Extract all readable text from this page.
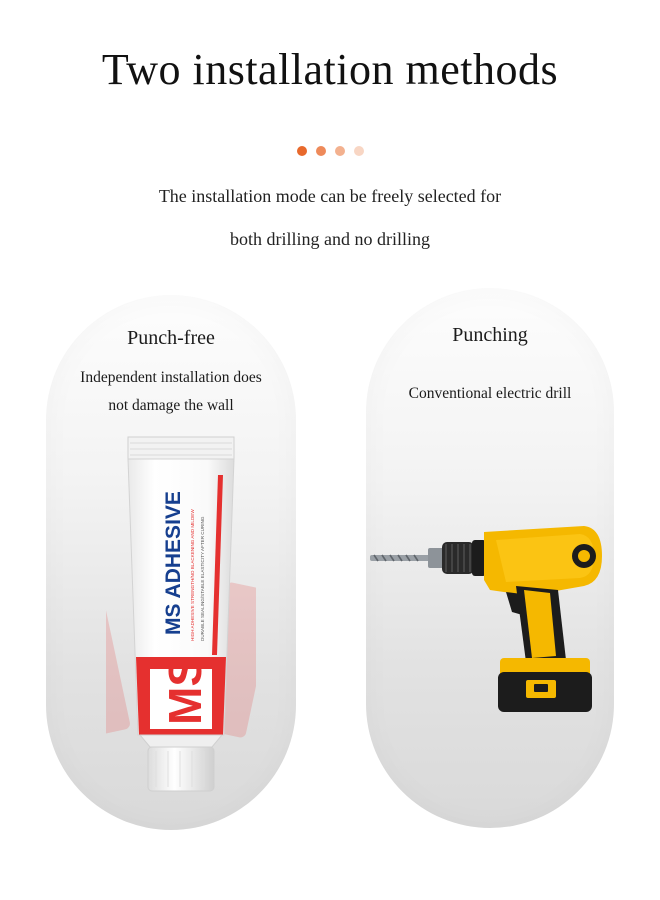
Two installation methods
The installation mode can be freely selected for
both drilling and no drilling
Punch-free
Independent installation does
not damage the wall
MS ADHESIVE HIGH ADHESIVE STRENGTH/NO BLACKENING AND MILDEW DURABLE SEALING/STABLE ELASTICITY AFTER CURING
MS
Punching
Conventional electric drill
